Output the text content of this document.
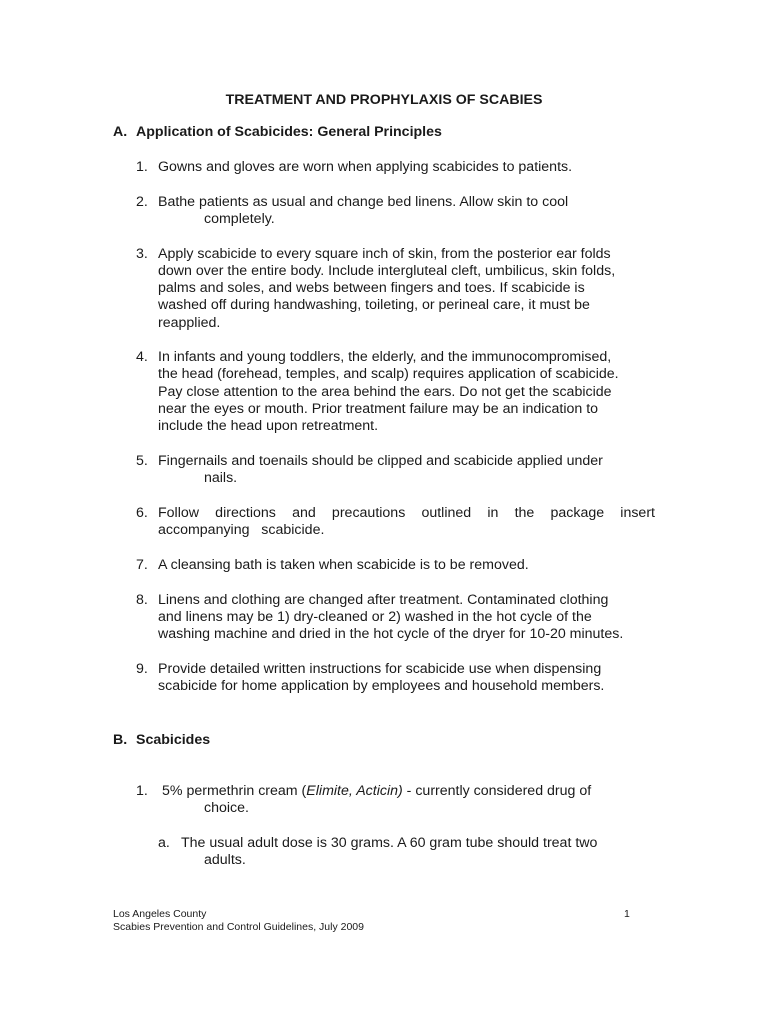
TREATMENT AND PROPHYLAXIS OF SCABIES
A. Application of Scabicides: General Principles
1. Gowns and gloves are worn when applying scabicides to patients.
2. Bathe patients as usual and change bed linens. Allow skin to cool
completely.
3. Apply scabicide to every square inch of skin, from the posterior ear folds
down over the entire body. Include intergluteal cleft, umbilicus, skin folds,
palms and soles, and webs between fingers and toes. If scabicide is
washed off during handwashing, toileting, or perineal care, it must be
reapplied.
4. In infants and young toddlers, the elderly, and the immunocompromised,
the head (forehead, temples, and scalp) requires application of scabicide.
Pay close attention to the area behind the ears. Do not get the scabicide
near the eyes or mouth. Prior treatment failure may be an indication to
include the head upon retreatment.
5. Fingernails and toenails should be clipped and scabicide applied under
nails.
6. Follow directions and precautions outlined in the package insert
accompanying   scabicide.
7. A cleansing bath is taken when scabicide is to be removed.
8. Linens and clothing are changed after treatment. Contaminated clothing
and linens may be 1) dry-cleaned or 2) washed in the hot cycle of the
washing machine and dried in the hot cycle of the dryer for 10-20 minutes.
9. Provide detailed written instructions for scabicide use when dispensing
scabicide for home application by employees and household members.
B. Scabicides
1. 5% permethrin cream (Elimite, Acticin) - currently considered drug of
choice.
a. The usual adult dose is 30 grams. A 60 gram tube should treat two
adults.
Los Angeles County
Scabies Prevention and Control Guidelines, July 2009
1
